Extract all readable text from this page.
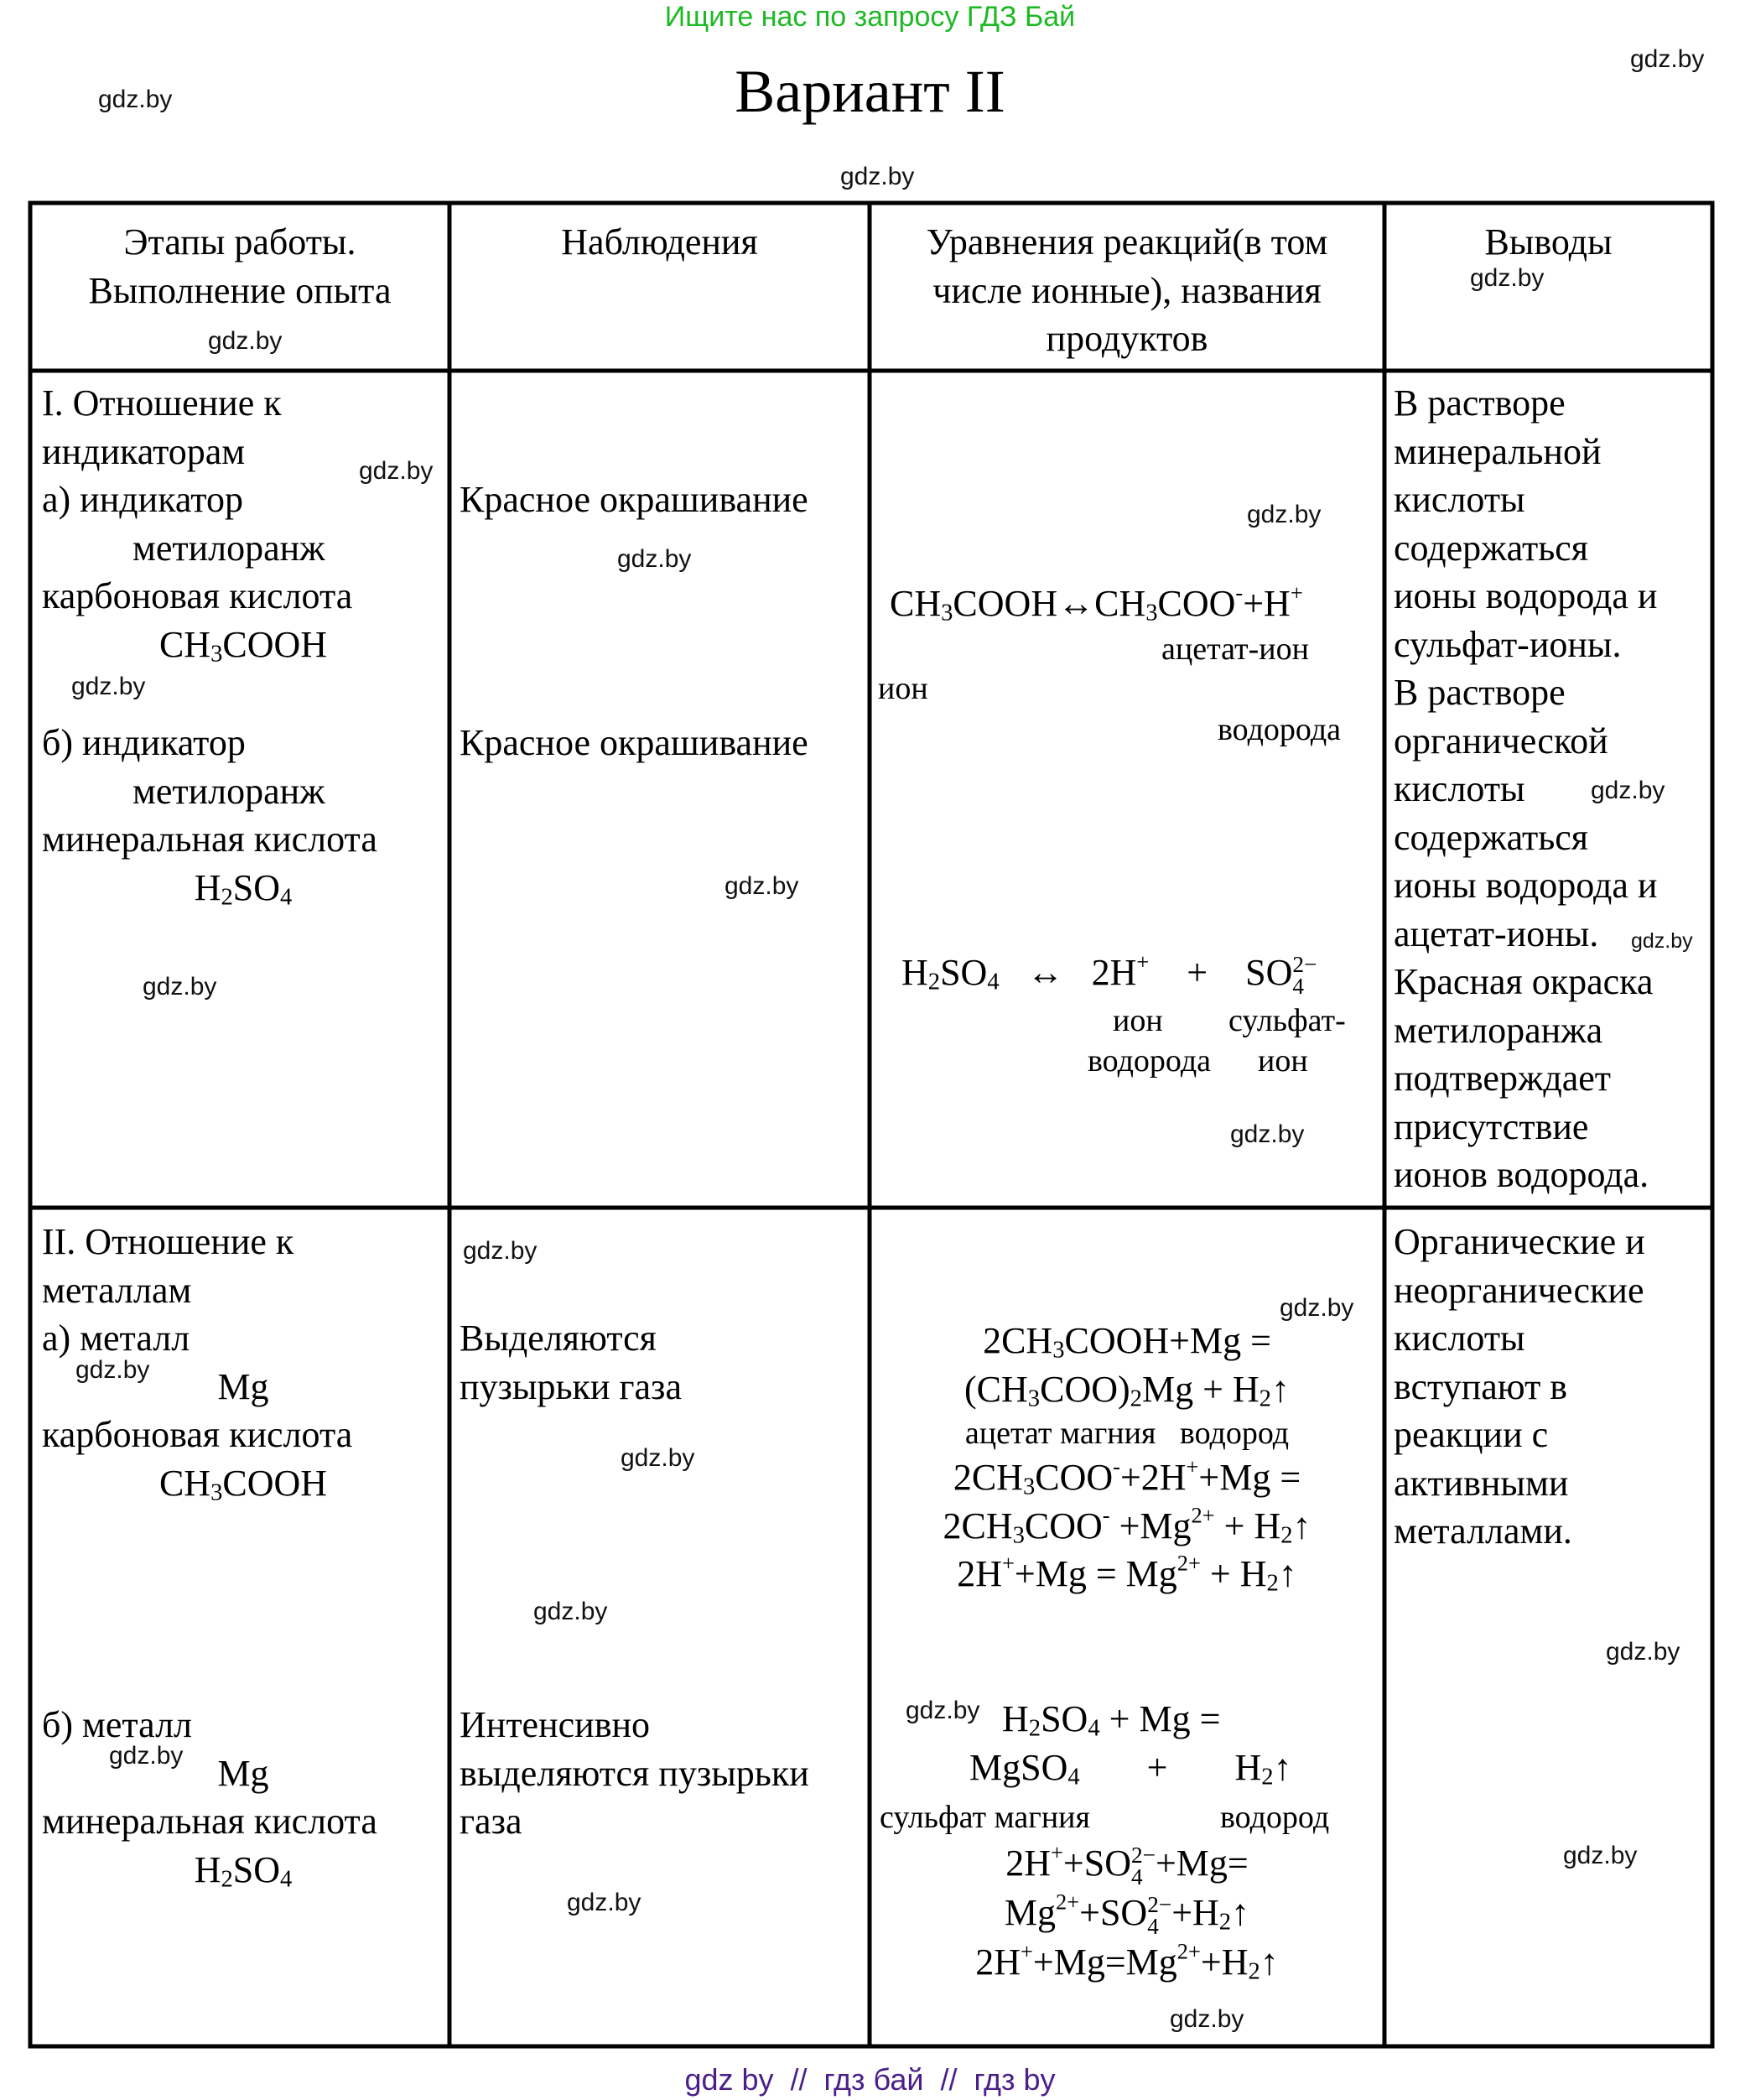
Ищите нас по запросу ГДЗ Бай
Вариант II
Этапы работы.
Выполнение опыта
Наблюдения	Уравнения реакций(в том
числе ионные), названия
продуктов
Выводы
I. Отношение к
индикаторам
а) индикатор
метилоранж
карбоновая кислота
$CH_3COOH$
б) индикатор
метилоранж
минеральная кислота
$H_2SO_4$
Красное окрашивание
Красное окрашивание
$CH_3COOH\leftrightarrow CH_3COO^-+H^+$
ацетат-ион
ион
водорода
$H_2SO_4$ ↔ 2H+ + SO 2−
4
ион сульфат-
водорода ион
В растворе
минеральной
кислоты
содержаться
ионы водорода и
сульфат-ионы.
В растворе
органической
кислоты
содержаться
ионы водорода и
ацетат-ионы.
Красная окраска
метилоранжа
подтверждает
присутствие
ионов водорода.
II. Отношение к
металлам
а) металл
Mg
карбоновая кислота
$CH_3COOH$
б) металл
Mg
минеральная кислота
$H_2SO_4$
Выделяются
пузырьки газа
Интенсивно
выделяются пузырьки
газа
$2CH_3COOH+Mg$ =
$(CH_3COO)_2Mg$ + $H_2↑$
ацетат магния   водород
$2CH_3COO^-+2H^++Mg$ =
$2CH_3COO^- +Mg^{2+}$ + $H_2↑$
$2H^++Mg = Mg^{2+}$ + $H_2↑$
$H_2SO_4 + Mg$ =
MgSO$_4$ + $H_2↑$
сульфат магния	водород
2H++SO 2−
4 +Mg=
$Mg^{2+}+SO$ 2−
$4 +H_2↑$
$2H^++Mg=Mg^{2+}+H_2↑$
Органические и
неорганические
кислоты
вступают в
реакции с
активными
металлами.
gdz.by
gdz.by
gdz.by
gdz.by
gdz.by
gdz.by
gdz.by
gdz.by
gdz.by
gdz.by
gdz.by
gdz.by
gdz.by
gdz.by
gdz.by
gdz.by
gdz.by
gdz.by
gdz.by
gdz.by
gdz.by
gdz.by
gdz.by
gdz.by
gdz.by
gdz by  //  гдз бай  //  гдз by
